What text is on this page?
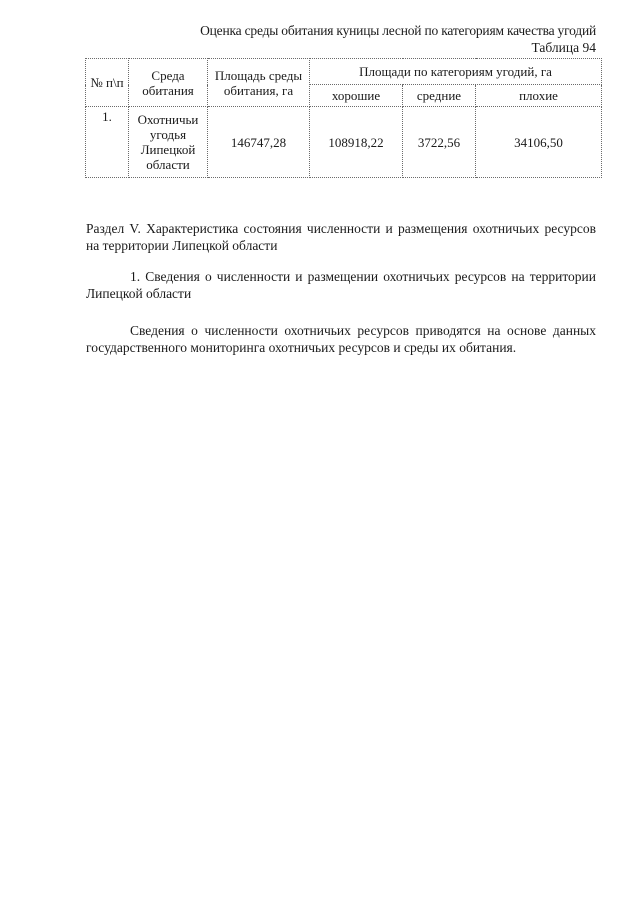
Оценка среды обитания куницы лесной по категориям качества угодий
Таблица 94
№ п\п	Среда обитания	Площадь среды обитания, га	Площади по категориям угодий, га		
			хорошие	средние	плохие
1.	Охотничьи угодья Липецкой области	146747,28	108918,22	3722,56	34106,50

Раздел V. Характеристика состояния численности и размещения охотничьих ресурсов на территории Липецкой области

1. Сведения о численности и размещении охотничьих ресурсов на территории Липецкой области

Сведения о численности охотничьих ресурсов приводятся на основе данных государственного мониторинга охотничьих ресурсов и среды их обитания.
